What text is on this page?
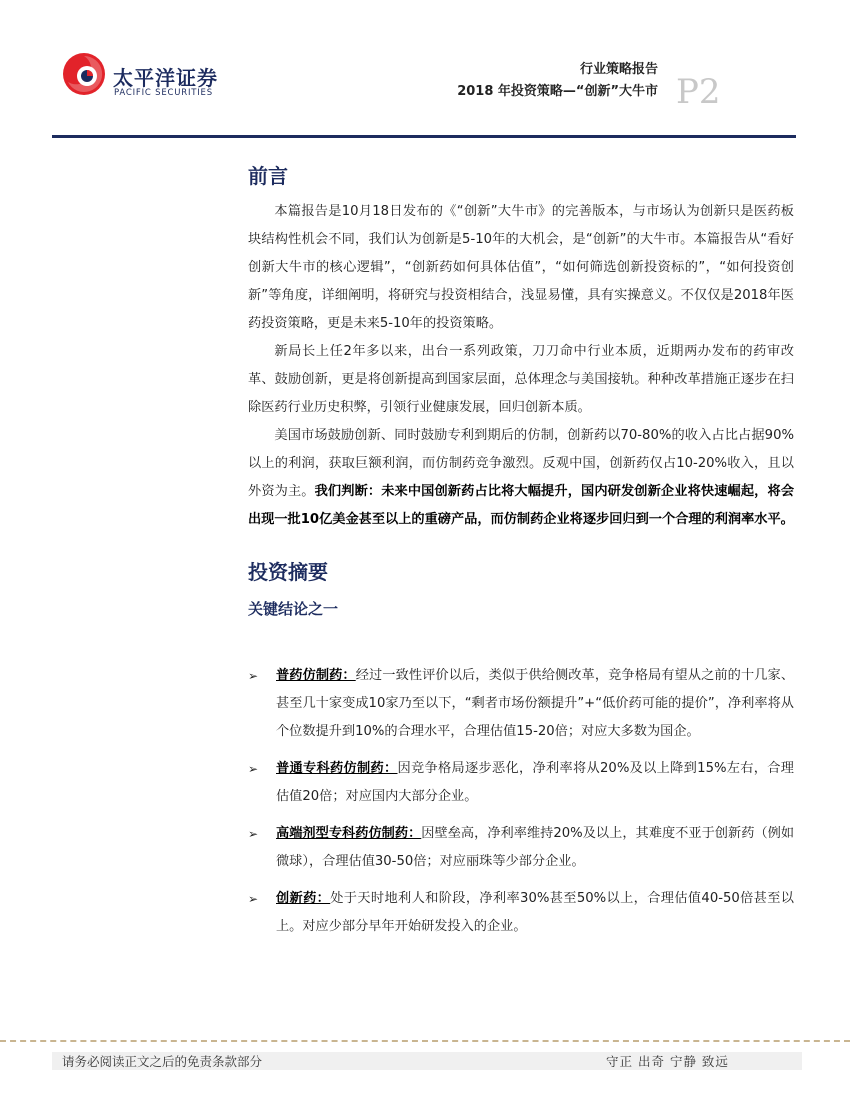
太平洋证券
PACIFIC SECURITIES
行业策略报告
2018 年投资策略—“创新”大牛市 P2
前言

本篇报告是10月18日发布的《“创新”大牛市》的完善版本，与市场认为创新只是医药板块结构性机会不同，我们认为创新是5-10年的大机会，是“创新”的大牛市。本篇报告从“看好创新大牛市的核心逻辑”，“创新药如何具体估值”，“如何筛选创新投资标的”，“如何投资创新”等角度，详细阐明，将研究与投资相结合，浅显易懂，具有实操意义。不仅仅是2018年医药投资策略，更是未来5-10年的投资策略。

新局长上任2年多以来，出台一系列政策，刀刀命中行业本质，近期两办发布的药审改革、鼓励创新，更是将创新提高到国家层面，总体理念与美国接轨。种种改革措施正逐步在扫除医药行业历史积弊，引领行业健康发展，回归创新本质。

美国市场鼓励创新、同时鼓励专利到期后的仿制，创新药以70-80%的收入占比占据90%以上的利润，获取巨额利润，而仿制药竞争激烈。反观中国，创新药仅占10-20%收入，且以外资为主。我们判断：未来中国创新药占比将大幅提升，国内研发创新企业将快速崛起，将会出现一批10亿美金甚至以上的重磅产品，而仿制药企业将逐步回归到一个合理的利润率水平。

投资摘要
关键结论之一
➢ 普药仿制药：经过一致性评价以后，类似于供给侧改革，竞争格局有望从之前的十几家、甚至几十家变成10家乃至以下，“剩者市场份额提升”+“低价药可能的提价”，净利率将从个位数提升到10%的合理水平，合理估值15-20倍；对应大多数为国企。
➢ 普通专科药仿制药：因竞争格局逐步恶化，净利率将从20%及以上降到15%左右，合理估值20倍；对应国内大部分企业。
➢ 高端剂型专科药仿制药：因壁垒高，净利率维持20%及以上，其难度不亚于创新药（例如微球），合理估值30-50倍；对应丽珠等少部分企业。
➢ 创新药：处于天时地利人和阶段，净利率30%甚至50%以上，合理估值40-50倍甚至以上。对应少部分早年开始研发投入的企业。
请务必阅读正文之后的免责条款部分	守正 出奇 宁静 致远
